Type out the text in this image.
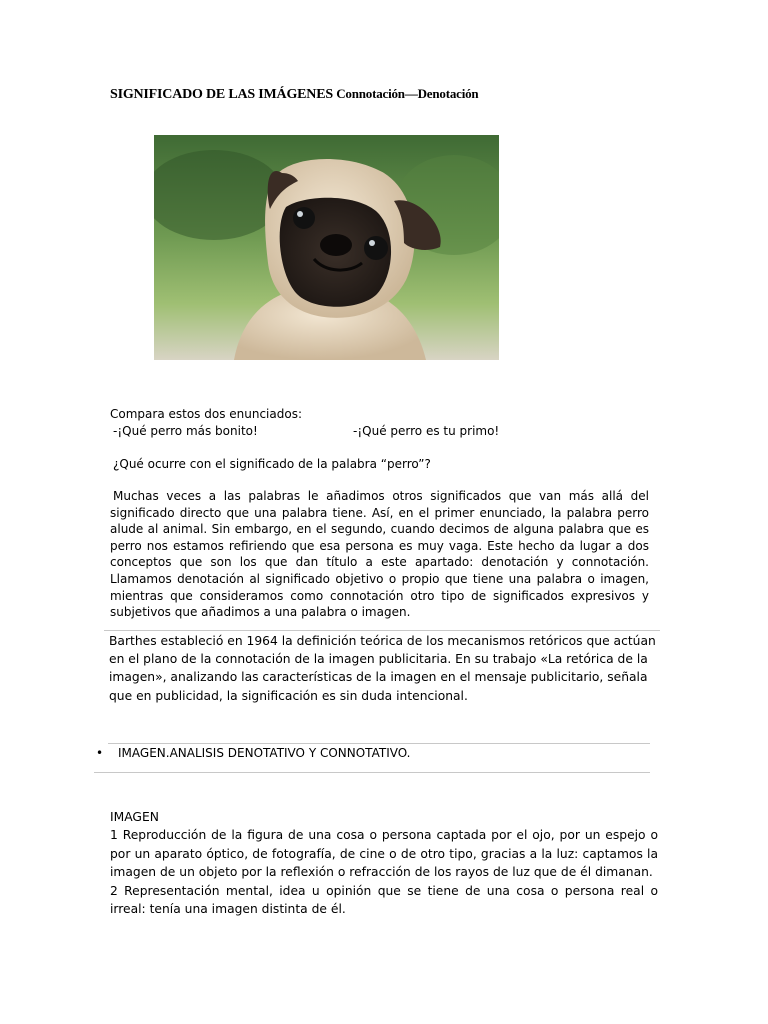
SIGNIFICADO DE LAS IMÁGENES Connotación—Denotación
Compara estos dos enunciados:
-¡Qué perro más bonito!	-¡Qué perro es tu primo!
¿Qué ocurre con el significado de la palabra “perro”?
Muchas veces a las palabras le añadimos otros significados que van más allá del significado directo que una palabra tiene. Así, en el primer enunciado, la palabra perro alude al animal. Sin embargo, en el segundo, cuando decimos de alguna palabra que es perro nos estamos refiriendo que esa persona es muy vaga. Este hecho da lugar a dos conceptos que son los que dan título a este apartado: denotación y connotación. Llamamos denotación al significado objetivo o propio que tiene una palabra o imagen, mientras que consideramos como connotación otro tipo de significados expresivos y subjetivos que añadimos a una palabra o imagen.
Barthes estableció en 1964 la definición teórica de los mecanismos retóricos que actúan en el plano de la connotación de la imagen publicitaria. En su trabajo «La retórica de la imagen», analizando las características de la imagen en el mensaje publicitario, señala que en publicidad, la significación es sin duda intencional.
• IMAGEN.ANALISIS DENOTATIVO Y CONNOTATIVO.

IMAGEN

1 Reproducción de la figura de una cosa o persona captada por el ojo, por un espejo o por un aparato óptico, de fotografía, de cine o de otro tipo, gracias a la luz: captamos la imagen de un objeto por la reflexión o refracción de los rayos de luz que de él dimanan.

2 Representación mental, idea u opinión que se tiene de una cosa o persona real o irreal: tenía una imagen distinta de él.
